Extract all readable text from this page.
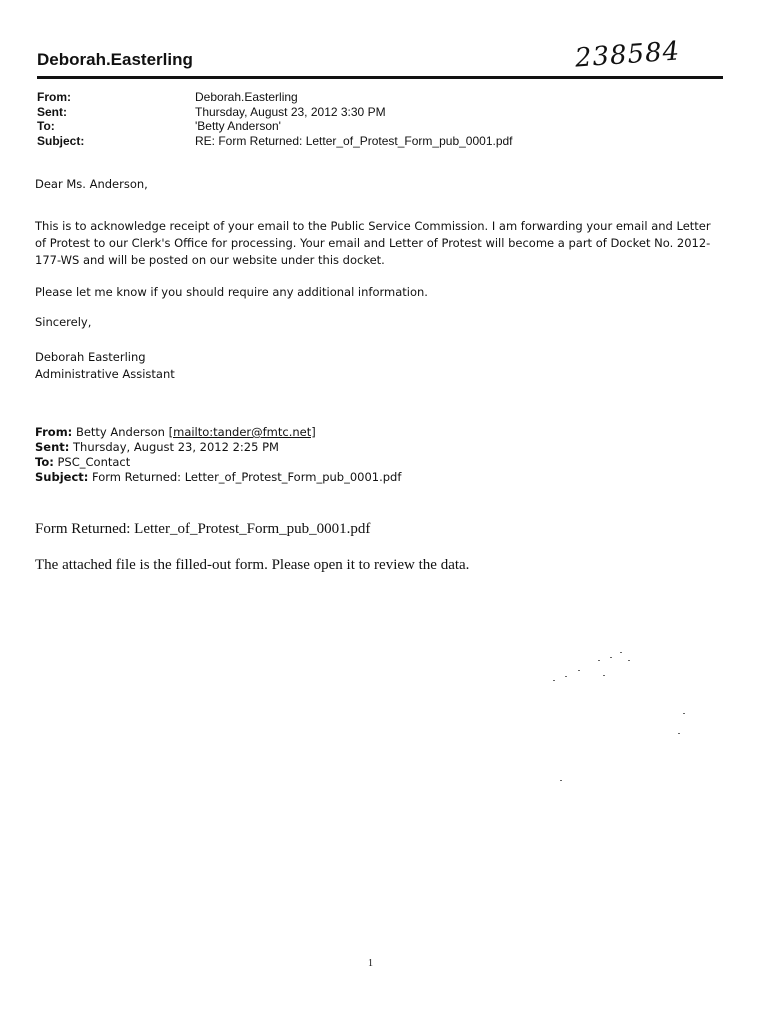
Deborah.Easterling	238584
From:	Deborah.Easterling
Sent:	Thursday, August 23, 2012 3:30 PM
To:	'Betty Anderson'
Subject:	RE: Form Returned: Letter_of_Protest_Form_pub_0001.pdf
Dear Ms. Anderson,
This is to acknowledge receipt of your email to the Public Service Commission. I am forwarding your email and Letter of Protest to our Clerk's Office for processing. Your email and Letter of Protest will become a part of Docket No. 2012-177-WS and will be posted on our website under this docket.
Please let me know if you should require any additional information.
Sincerely,
Deborah Easterling
Administrative Assistant
From: Betty Anderson [mailto:tander@fmtc.net]
Sent: Thursday, August 23, 2012 2:25 PM
To: PSC_Contact
Subject: Form Returned: Letter_of_Protest_Form_pub_0001.pdf
Form Returned: Letter_of_Protest_Form_pub_0001.pdf
The attached file is the filled-out form. Please open it to review the data.
1
